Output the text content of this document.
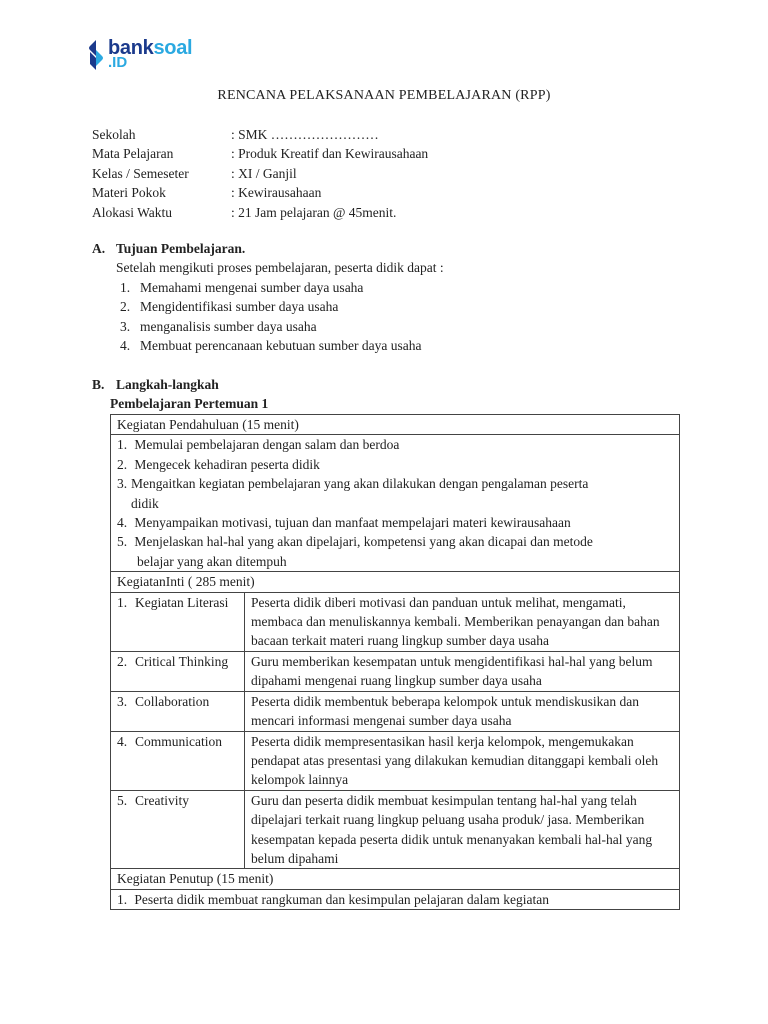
banksoal
.ID
RENCANA PELAKSANAAN PEMBELAJARAN (RPP)
Sekolah	: SMK ……………………
Mata Pelajaran	: Produk Kreatif dan Kewirausahaan
Kelas / Semeseter	: XI / Ganjil
Materi Pokok	: Kewirausahaan
Alokasi Waktu	: 21 Jam pelajaran @ 45menit.
A. Tujuan Pembelajaran.
Setelah mengikuti proses pembelajaran, peserta didik dapat :
1. Memahami mengenai sumber daya usaha
2. Mengidentifikasi sumber daya usaha
3. menganalisis sumber daya usaha
4. Membuat perencanaan kebutuan sumber daya usaha
B. Langkah-langkah
Pembelajaran Pertemuan 1
Kegiatan Pendahuluan (15 menit)

1.
Memulai pembelajaran dengan salam dan berdoa
2.
Mengecek kehadiran peserta didik
3. Mengaitkan kegiatan pembelajaran yang akan dilakukan dengan pengalaman peserta
didik
4.
Menyampaikan motivasi, tujuan dan manfaat mempelajari materi kewirausahaan
5.
Menjelaskan hal-hal yang akan dipelajari, kompetensi yang akan dicapai dan metode
belajar yang akan ditempuh

KegiatanInti ( 285 menit)

1. Kegiatan Literasi	Peserta didik diberi motivasi dan panduan untuk melihat, mengamati, membaca dan menuliskannya kembali. Memberikan penayangan dan bahan bacaan terkait materi ruang lingkup sumber daya usaha

2. Critical Thinking	Guru memberikan kesempatan untuk mengidentifikasi hal-hal yang belum dipahami mengenai ruang lingkup sumber daya usaha

3. Collaboration	Peserta didik membentuk beberapa kelompok untuk mendiskusikan dan mencari informasi mengenai sumber daya usaha

4. Communication	Peserta didik mempresentasikan hasil kerja kelompok, mengemukakan pendapat atas presentasi yang dilakukan kemudian ditanggapi kembali oleh kelompok lainnya

5. Creativity	Guru dan peserta didik membuat kesimpulan tentang hal-hal yang telah dipelajari terkait ruang lingkup peluang usaha produk/ jasa. Memberikan kesempatan kepada peserta didik untuk menanyakan kembali hal-hal yang belum dipahami

Kegiatan Penutup (15 menit)

1.
Peserta didik membuat rangkuman dan kesimpulan pelajaran dalam kegiatan
